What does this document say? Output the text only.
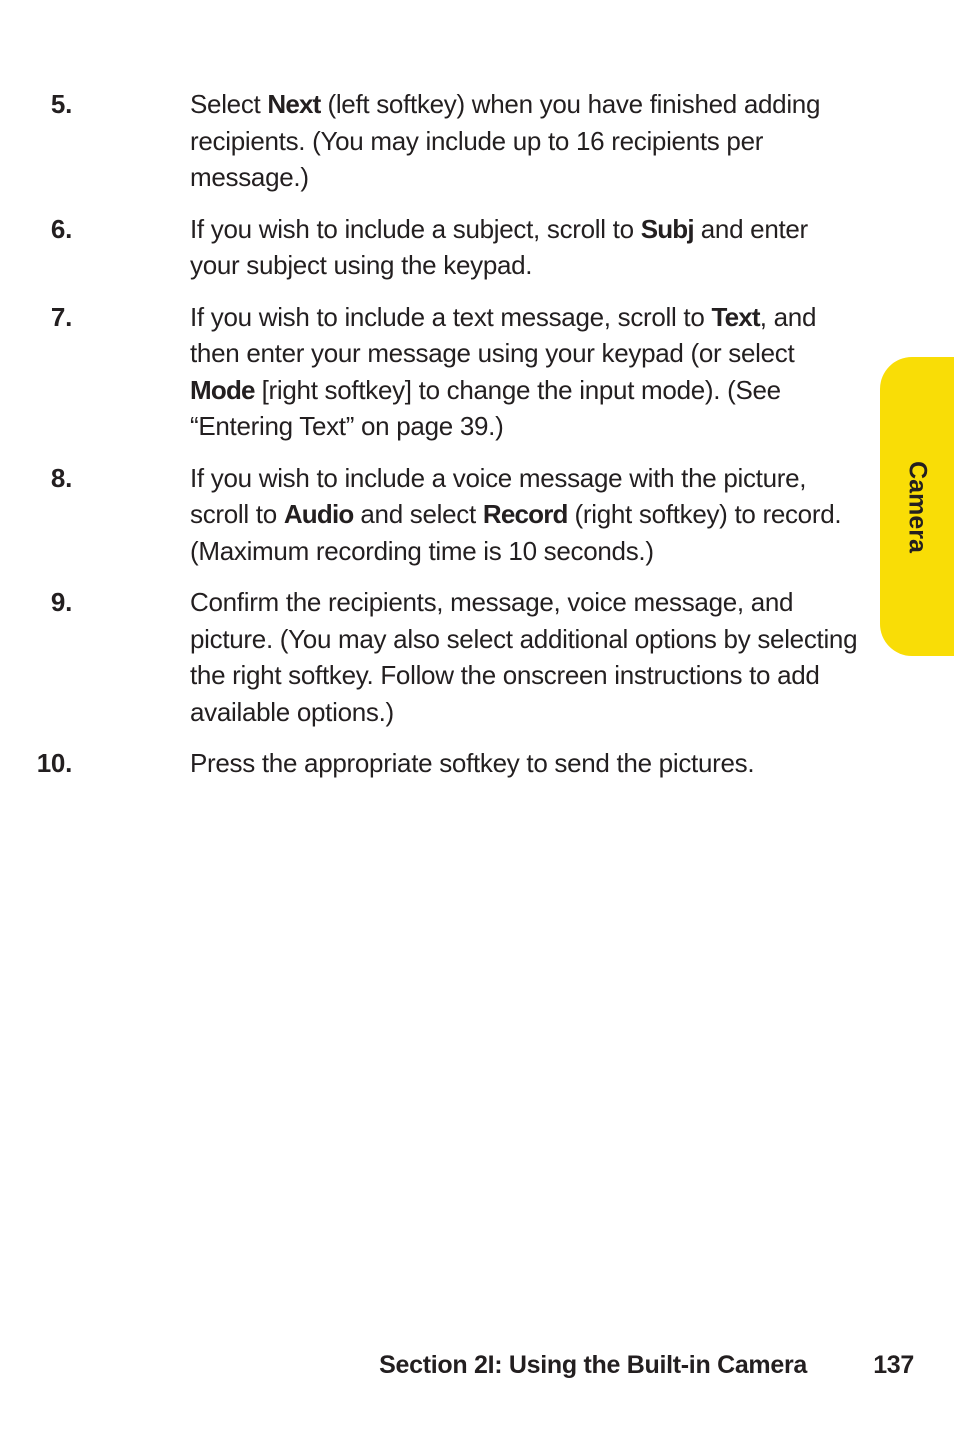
5.	Select Next (left softkey) when you have finished adding recipients. (You may include up to 16 recipients per message.)
6.	If you wish to include a subject, scroll to Subj and enter your subject using the keypad.
7.	If you wish to include a text message, scroll to Text, and then enter your message using your keypad (or select Mode [right softkey] to change the input mode). (See “Entering Text” on page 39.)
8.	If you wish to include a voice message with the picture, scroll to Audio and select Record (right softkey) to record. (Maximum recording time is 10 seconds.)
9.	Confirm the recipients, message, voice message, and picture. (You may also select additional options by selecting the right softkey. Follow the onscreen instructions to add available options.)
10.	Press the appropriate softkey to send the pictures.
Camera
Section 2I: Using the Built-in Camera	137
